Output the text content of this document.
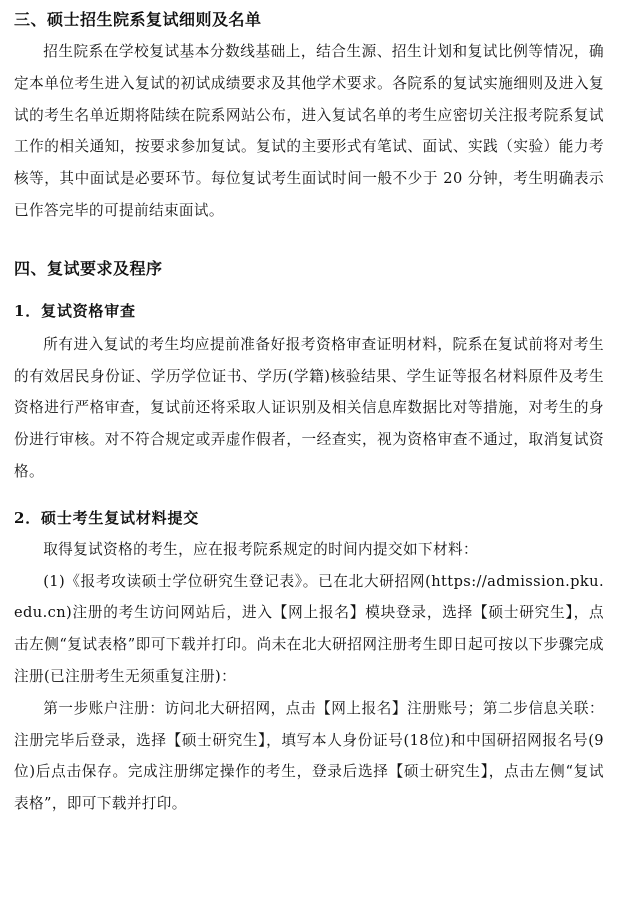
三、硕士招生院系复试细则及名单

招生院系在学校复试基本分数线基础上，结合生源、招生计划和复试比例等情况，确定本单位考生进入复试的初试成绩要求及其他学术要求。各院系的复试实施细则及进入复试的考生名单近期将陆续在院系网站公布，进入复试名单的考生应密切关注报考院系复试工作的相关通知，按要求参加复试。复试的主要形式有笔试、面试、实践（实验）能力考核等，其中面试是必要环节。每位复试考生面试时间一般不少于 20 分钟，考生明确表示已作答完毕的可提前结束面试。

四、复试要求及程序
1．复试资格审查

所有进入复试的考生均应提前准备好报考资格审查证明材料，院系在复试前将对考生的有效居民身份证、学历学位证书、学历(学籍)核验结果、学生证等报名材料原件及考生资格进行严格审查，复试前还将采取人证识别及相关信息库数据比对等措施，对考生的身份进行审核。对不符合规定或弄虚作假者，一经查实，视为资格审查不通过，取消复试资格。

2．硕士考生复试材料提交

取得复试资格的考生，应在报考院系规定的时间内提交如下材料：

(1)《报考攻读硕士学位研究生登记表》。已在北大研招网(https://admission.pku.edu.cn)注册的考生访问网站后，进入【网上报名】模块登录，选择【硕士研究生】，点击左侧“复试表格”即可下载并打印。尚未在北大研招网注册考生即日起可按以下步骤完成注册(已注册考生无须重复注册)：

第一步账户注册：访问北大研招网，点击【网上报名】注册账号；第二步信息关联：注册完毕后登录，选择【硕士研究生】，填写本人身份证号(18位)和中国研招网报名号(9位)后点击保存。完成注册绑定操作的考生，登录后选择【硕士研究生】，点击左侧“复试表格”，即可下载并打印。
